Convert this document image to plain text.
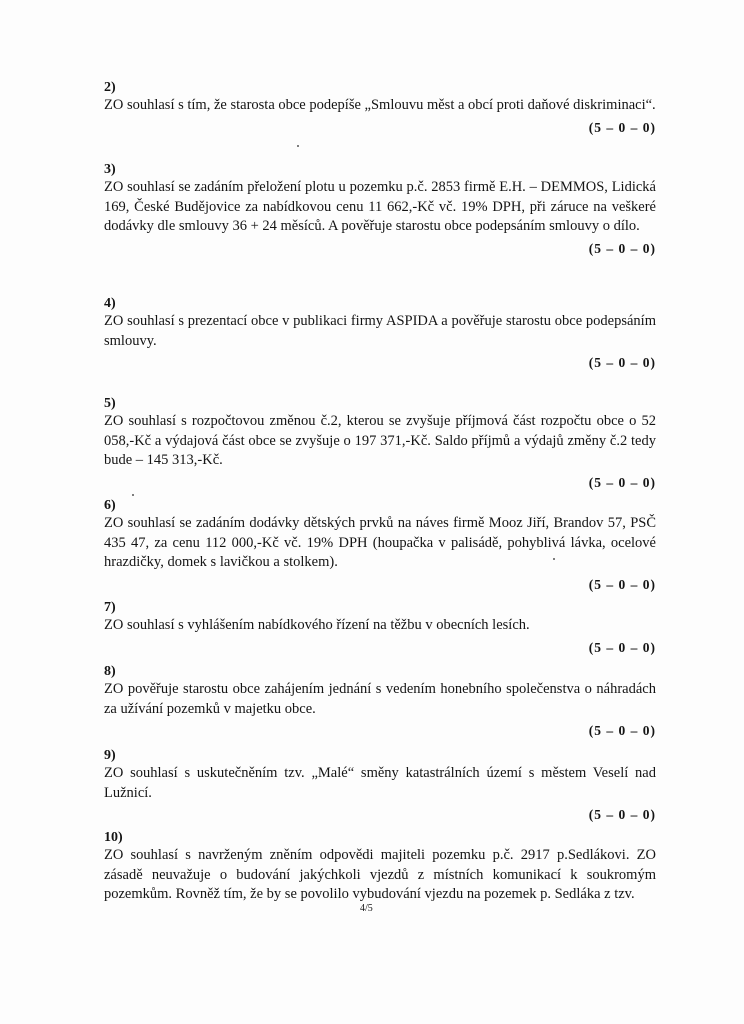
2)
ZO souhlasí s tím, že starosta obce podepíše „Smlouvu měst a obcí proti daňové diskriminaci“.
(5 – 0 – 0)
3)
ZO souhlasí se zadáním přeložení plotu u pozemku p.č. 2853 firmě E.H. – DEMMOS, Lidická 169, České Budějovice za nabídkovou cenu 11 662,-Kč vč. 19% DPH, při záruce na veškeré dodávky dle smlouvy 36 + 24 měsíců. A pověřuje starostu obce podepsáním smlouvy o dílo.
(5 – 0 – 0)
4)
ZO souhlasí s prezentací obce v publikaci firmy ASPIDA a pověřuje starostu obce podepsáním smlouvy.
(5 – 0 – 0)
5)
ZO souhlasí s rozpočtovou změnou č.2, kterou se zvyšuje příjmová část rozpočtu obce o 52 058,-Kč a výdajová část obce se zvyšuje o 197 371,-Kč. Saldo příjmů a výdajů změny č.2 tedy bude – 145 313,-Kč.
(5 – 0 – 0)
6)
ZO souhlasí se zadáním dodávky dětských prvků na náves firmě Mooz Jiří, Brandov 57, PSČ 435 47, za cenu 112 000,-Kč vč. 19% DPH (houpačka v palisádě, pohyblivá lávka, ocelové hrazdičky, domek s lavičkou a stolkem).
(5 – 0 – 0)
7)
ZO souhlasí s vyhlášením nabídkového řízení na těžbu v obecních lesích.
(5 – 0 – 0)
8)
ZO pověřuje starostu obce zahájením jednání s vedením honebního společenstva o náhradách za užívání pozemků v majetku obce.
(5 – 0 – 0)
9)
ZO souhlasí s uskutečněním tzv. „Malé“ směny katastrálních území s městem Veselí nad Lužnicí.
(5 – 0 – 0)
10)
ZO souhlasí s navrženým zněním odpovědi majiteli pozemku p.č. 2917 p.Sedlákovi. ZO zásadě neuvažuje o budování jakýchkoli vjezdů z místních komunikací k soukromým pozemkům. Rovněž tím, že by se povolilo vybudování vjezdu na pozemek p. Sedláka z tzv.
4/5
